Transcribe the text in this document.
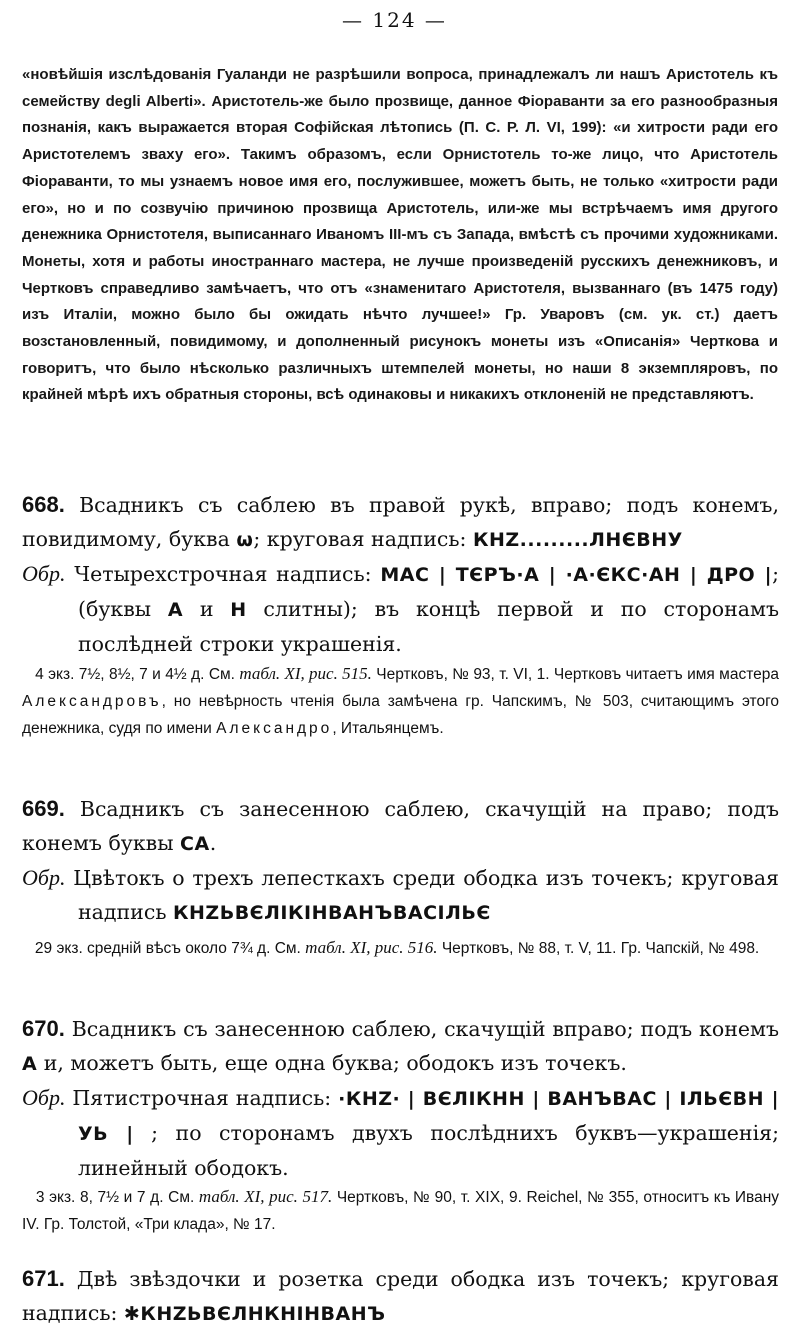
— 124 —
«новѣйшія изслѣдованія Гуаланди не разрѣшили вопроса, принадлежалъ ли нашъ Аристотель къ семейству degli Alberti». Аристотель-же было прозвище, данное Фіораванти за его разнообразныя познанія, какъ выражается вторая Софійская лѣтопись (П. С. Р. Л. VI, 199): «и хитрости ради его Аристотелемъ зваху его». Такимъ образомъ, если Орнистотель то-же лицо, что Аристотель Фіораванти, то мы узнаемъ новое имя его, послужившее, можетъ быть, не только «хитрости ради его», но и по созвучію причиною прозвища Аристотель, или-же мы встрѣчаемъ имя другого денежника Орнистотеля, выписаннаго Иваномъ III-мъ съ Запада, вмѣстѣ съ прочими художниками. Монеты, хотя и работы иностраннаго мастера, не лучше произведеній русскихъ денежниковъ, и Чертковъ справедливо замѣчаетъ, что отъ «знаменитаго Аристотеля, вызваннаго (въ 1475 году) изъ Италіи, можно было бы ожидать нѣчто лучшее!» Гр. Уваровъ (см. ук. ст.) даетъ возстановленный, повидимому, и дополненный рисунокъ монеты изъ «Описанія» Черткова и говоритъ, что было нѣсколько различныхъ штемпелей монеты, но наши 8 экземпляровъ, по крайней мѣрѣ ихъ обратныя стороны, всѣ одинаковы и никакихъ отклоненій не представляютъ.
668. Всадникъ съ саблею въ правой рукѣ, вправо; подъ конемъ, повидимому, буква ѡ; круговая надпись: КНZ.........ЛНЄВНУ
Обр. Четырехстрочная надпись: МАС | ТЄРЪ·А | ·А·ЄКС·АН | ДРО |; (буквы А и Н слитны); въ концѣ первой и по сторонамъ послѣдней строки украшенія.
4 экз. 7½, 8½, 7 и 4½ д. См. табл. XI, рис. 515. Чертковъ, № 93, т. VI, 1. Чертковъ читаетъ имя мастера Александровъ, но невѣрность чтенія была замѣчена гр. Чапскимъ, № 503, считающимъ этого денежника, судя по имени Александро, Итальянцемъ.
669. Всадникъ съ занесенною саблею, скачущій на право; подъ конемъ буквы СА.
Обр. Цвѣтокъ о трехъ лепесткахъ среди ободка изъ точекъ; круговая надпись КНZЬВЄЛІКІНВАНЪВАСІЛЬЄ
29 экз. средній вѣсъ около 7¾ д. См. табл. XI, рис. 516. Чертковъ, № 88, т. V, 11. Гр. Чапскій, № 498.
670. Всадникъ съ занесенною саблею, скачущій вправо; подъ конемъ А и, можетъ быть, еще одна буква; ободокъ изъ точекъ.
Обр. Пятистрочная надпись: ·КНZ· | ВЄЛІКНН | ВАНЪВАС | ІЛЬЄВН | УЬ | ; по сторонамъ двухъ послѣднихъ буквъ—украшенія; линейный ободокъ.
3 экз. 8, 7½ и 7 д. См. табл. XI, рис. 517. Чертковъ, № 90, т. XIX, 9. Reichel, № 355, относитъ къ Ивану IV. Гр. Толстой, «Три клада», № 17.
671. Двѣ звѣздочки и розетка среди ободка изъ точекъ; круговая надпись: ✱КНZЬВЄЛНКНІНВАНЪ
